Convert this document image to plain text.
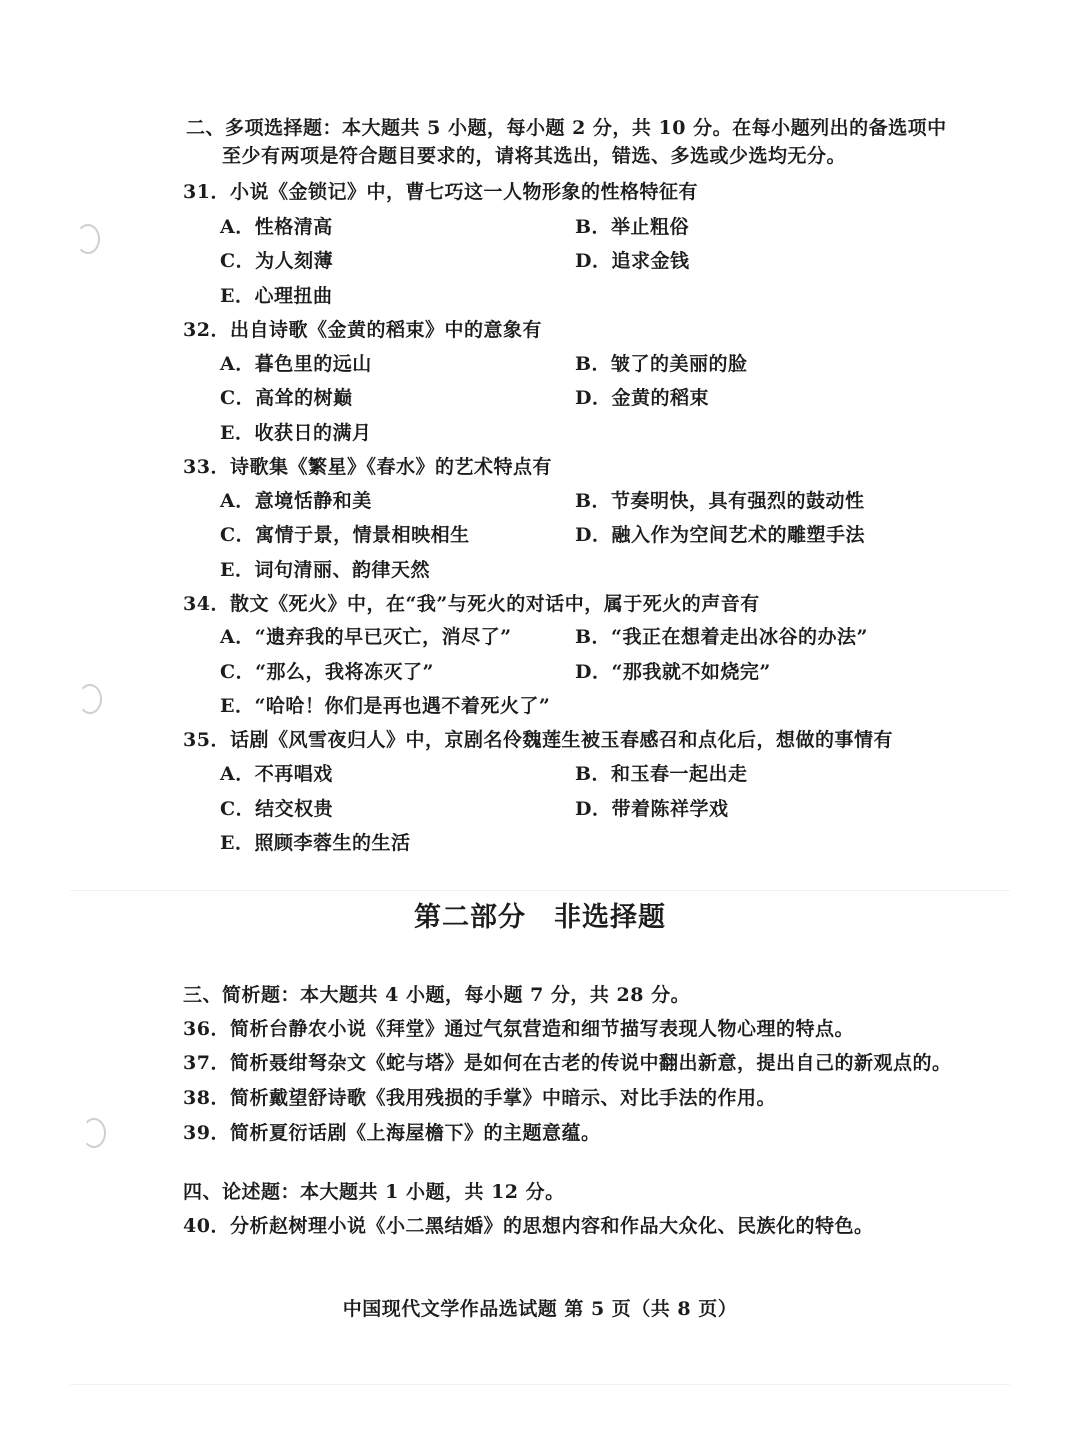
二、多项选择题：本大题共 5 小题，每小题 2 分，共 10 分。在每小题列出的备选项中
至少有两项是符合题目要求的，请将其选出，错选、多选或少选均无分。
31．小说《金锁记》中，曹七巧这一人物形象的性格特征有
A．性格清高	B．举止粗俗
C．为人刻薄	D．追求金钱
E．心理扭曲
32．出自诗歌《金黄的稻束》中的意象有
A．暮色里的远山	B．皱了的美丽的脸
C．高耸的树巅	D．金黄的稻束
E．收获日的满月
33．诗歌集《繁星》《春水》的艺术特点有
A．意境恬静和美	B．节奏明快，具有强烈的鼓动性
C．寓情于景，情景相映相生	D．融入作为空间艺术的雕塑手法
E．词句清丽、韵律天然
34．散文《死火》中，在“我”与死火的对话中，属于死火的声音有
A．“遗弃我的早已灭亡，消尽了”	B．“我正在想着走出冰谷的办法”
C．“那么，我将冻灭了”	D．“那我就不如烧完”
E．“哈哈！你们是再也遇不着死火了”
35．话剧《风雪夜归人》中，京剧名伶魏莲生被玉春感召和点化后，想做的事情有
A．不再唱戏	B．和玉春一起出走
C．结交权贵	D．带着陈祥学戏
E．照顾李蓉生的生活
第二部分　非选择题
三、简析题：本大题共 4 小题，每小题 7 分，共 28 分。
36．简析台静农小说《拜堂》通过气氛营造和细节描写表现人物心理的特点。
37．简析聂绀弩杂文《蛇与塔》是如何在古老的传说中翻出新意，提出自己的新观点的。
38．简析戴望舒诗歌《我用残损的手掌》中暗示、对比手法的作用。
39．简析夏衍话剧《上海屋檐下》的主题意蕴。
四、论述题：本大题共 1 小题，共 12 分。
40．分析赵树理小说《小二黑结婚》的思想内容和作品大众化、民族化的特色。
中国现代文学作品选试题 第 5 页（共 8 页）
